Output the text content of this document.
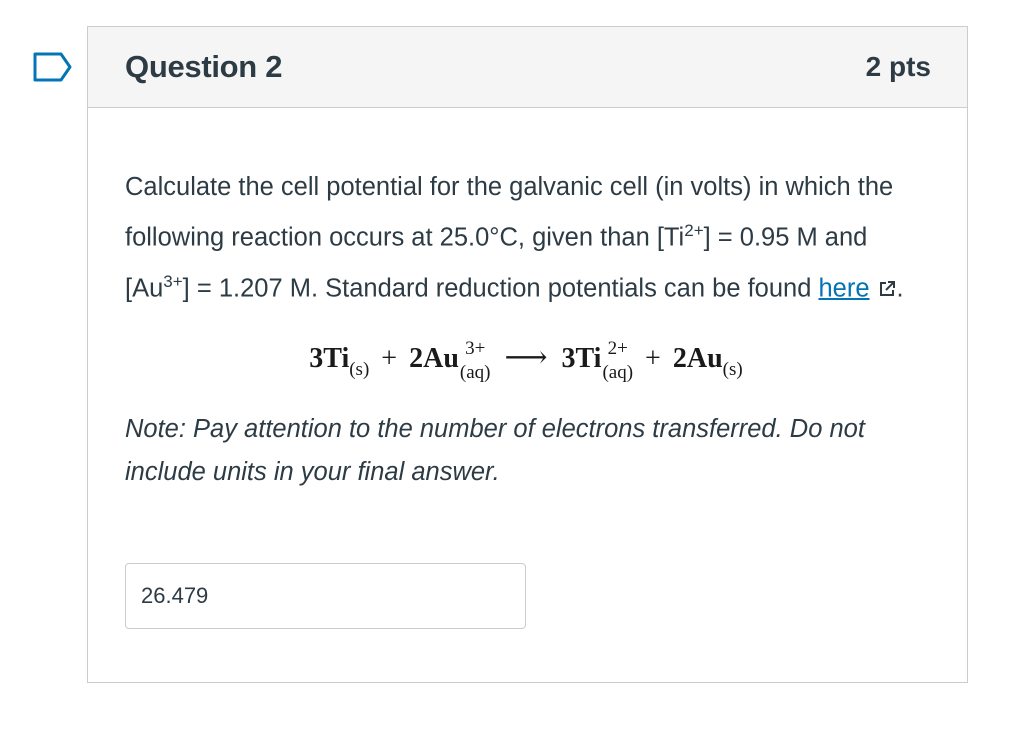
Question 2	2 pts

Calculate the cell potential for the galvanic cell (in volts) in which the following reaction occurs at 25.0°C, given than $[Ti^{2+}] = 0.95$ M and $[Au^{3+}] = 1.207$ M. Standard reduction potentials can be found here .

$3Ti_{(s)} + 2Au$ 3+
(aq) ⟶ 3Ti 2+
$(aq) + 2Au_{(s)}$

Note: Pay attention to the number of electrons transferred. Do not include units in your final answer.

26.479
